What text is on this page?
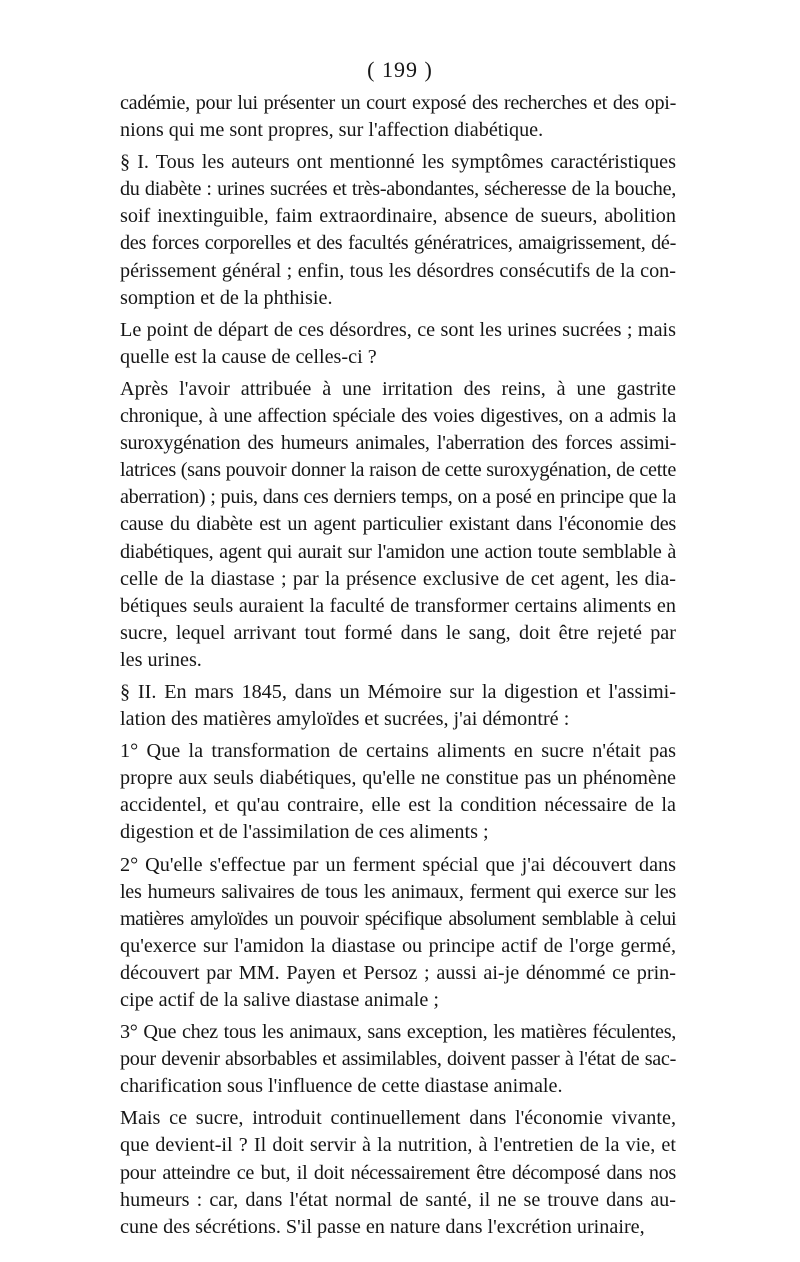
( 199 )
cadémie, pour lui présenter un court exposé des recherches et des opi-
nions qui me sont propres, sur l'affection diabétique.
§ I. Tous les auteurs ont mentionné les symptômes caractéristiques
du diabète : urines sucrées et très-abondantes, sécheresse de la bouche,
soif inextinguible, faim extraordinaire, absence de sueurs, abolition
des forces corporelles et des facultés génératrices, amaigrissement, dé-
périssement général ; enfin, tous les désordres consécutifs de la con-
somption et de la phthisie.
Le point de départ de ces désordres, ce sont les urines sucrées ; mais
quelle est la cause de celles-ci ?
Après l'avoir attribuée à une irritation des reins, à une gastrite
chronique, à une affection spéciale des voies digestives, on a admis la
suroxygénation des humeurs animales, l'aberration des forces assimi-
latrices (sans pouvoir donner la raison de cette suroxygénation, de cette
aberration) ; puis, dans ces derniers temps, on a posé en principe que la
cause du diabète est un agent particulier existant dans l'économie des
diabétiques, agent qui aurait sur l'amidon une action toute semblable à
celle de la diastase ; par la présence exclusive de cet agent, les dia-
bétiques seuls auraient la faculté de transformer certains aliments en
sucre, lequel arrivant tout formé dans le sang, doit être rejeté par
les urines.
§ II. En mars 1845, dans un Mémoire sur la digestion et l'assimi-
lation des matières amyloïdes et sucrées, j'ai démontré :
1° Que la transformation de certains aliments en sucre n'était pas
propre aux seuls diabétiques, qu'elle ne constitue pas un phénomène
accidentel, et qu'au contraire, elle est la condition nécessaire de la
digestion et de l'assimilation de ces aliments ;
2° Qu'elle s'effectue par un ferment spécial que j'ai découvert dans
les humeurs salivaires de tous les animaux, ferment qui exerce sur les
matières amyloïdes un pouvoir spécifique absolument semblable à celui
qu'exerce sur l'amidon la diastase ou principe actif de l'orge germé,
découvert par MM. Payen et Persoz ; aussi ai-je dénommé ce prin-
cipe actif de la salive diastase animale ;
3° Que chez tous les animaux, sans exception, les matières féculentes,
pour devenir absorbables et assimilables, doivent passer à l'état de sac-
charification sous l'influence de cette diastase animale.
Mais ce sucre, introduit continuellement dans l'économie vivante,
que devient-il ? Il doit servir à la nutrition, à l'entretien de la vie, et
pour atteindre ce but, il doit nécessairement être décomposé dans nos
humeurs : car, dans l'état normal de santé, il ne se trouve dans au-
cune des sécrétions. S'il passe en nature dans l'excrétion urinaire,
